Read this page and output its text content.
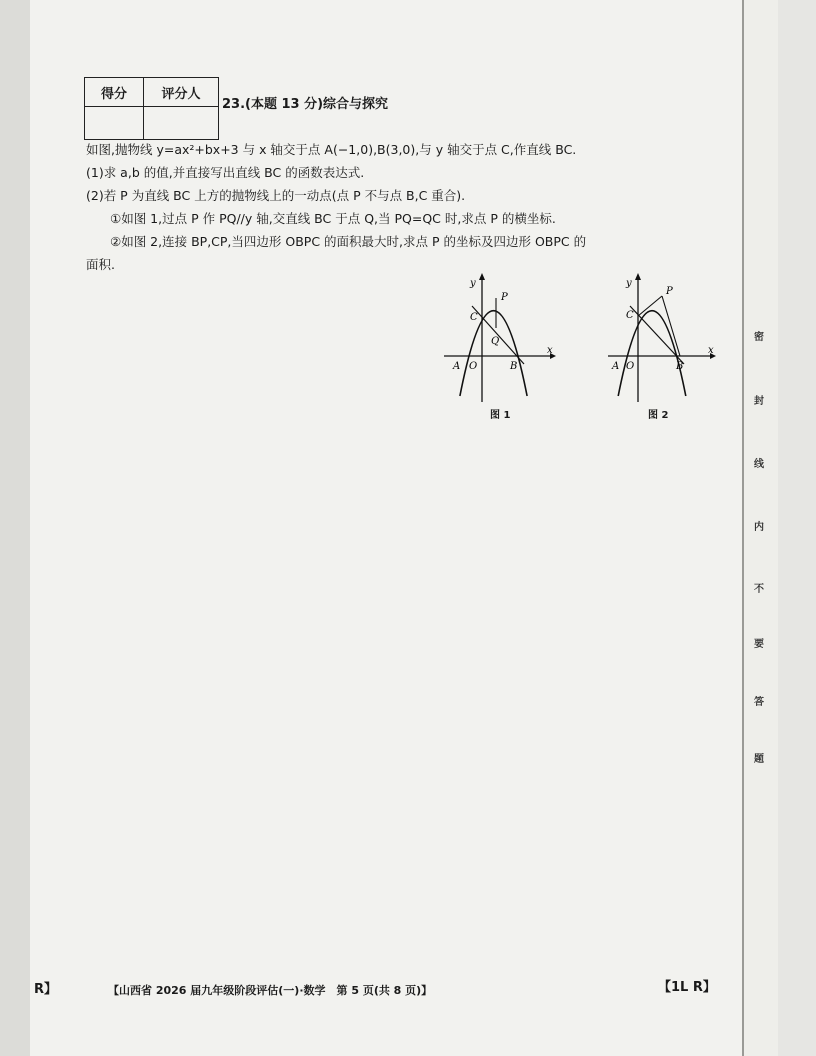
密
封
线
内
不
要
答
题
得分	评分人

23.(本题 13 分)综合与探究
如图,抛物线 y=ax²+bx+3 与 x 轴交于点 A(−1,0),B(3,0),与 y 轴交于点 C,作直线 BC.
(1)求 a,b 的值,并直接写出直线 BC 的函数表达式.
(2)若 P 为直线 BC 上方的抛物线上的一动点(点 P 不与点 B,C 重合).
①如图 1,过点 P 作 PQ//y 轴,交直线 BC 于点 Q,当 PQ=QC 时,求点 P 的横坐标.
②如图 2,连接 BP,CP,当四边形 OBPC 的面积最大时,求点 P 的坐标及四边形 OBPC 的
面积.
y
x
A O	B
C
P
Q
图 1
y
x
A O	B
C
P
图 2
R】	【山西省 2026 届九年级阶段评估(一)·数学　第 5 页(共 8 页)】	【1L R】
